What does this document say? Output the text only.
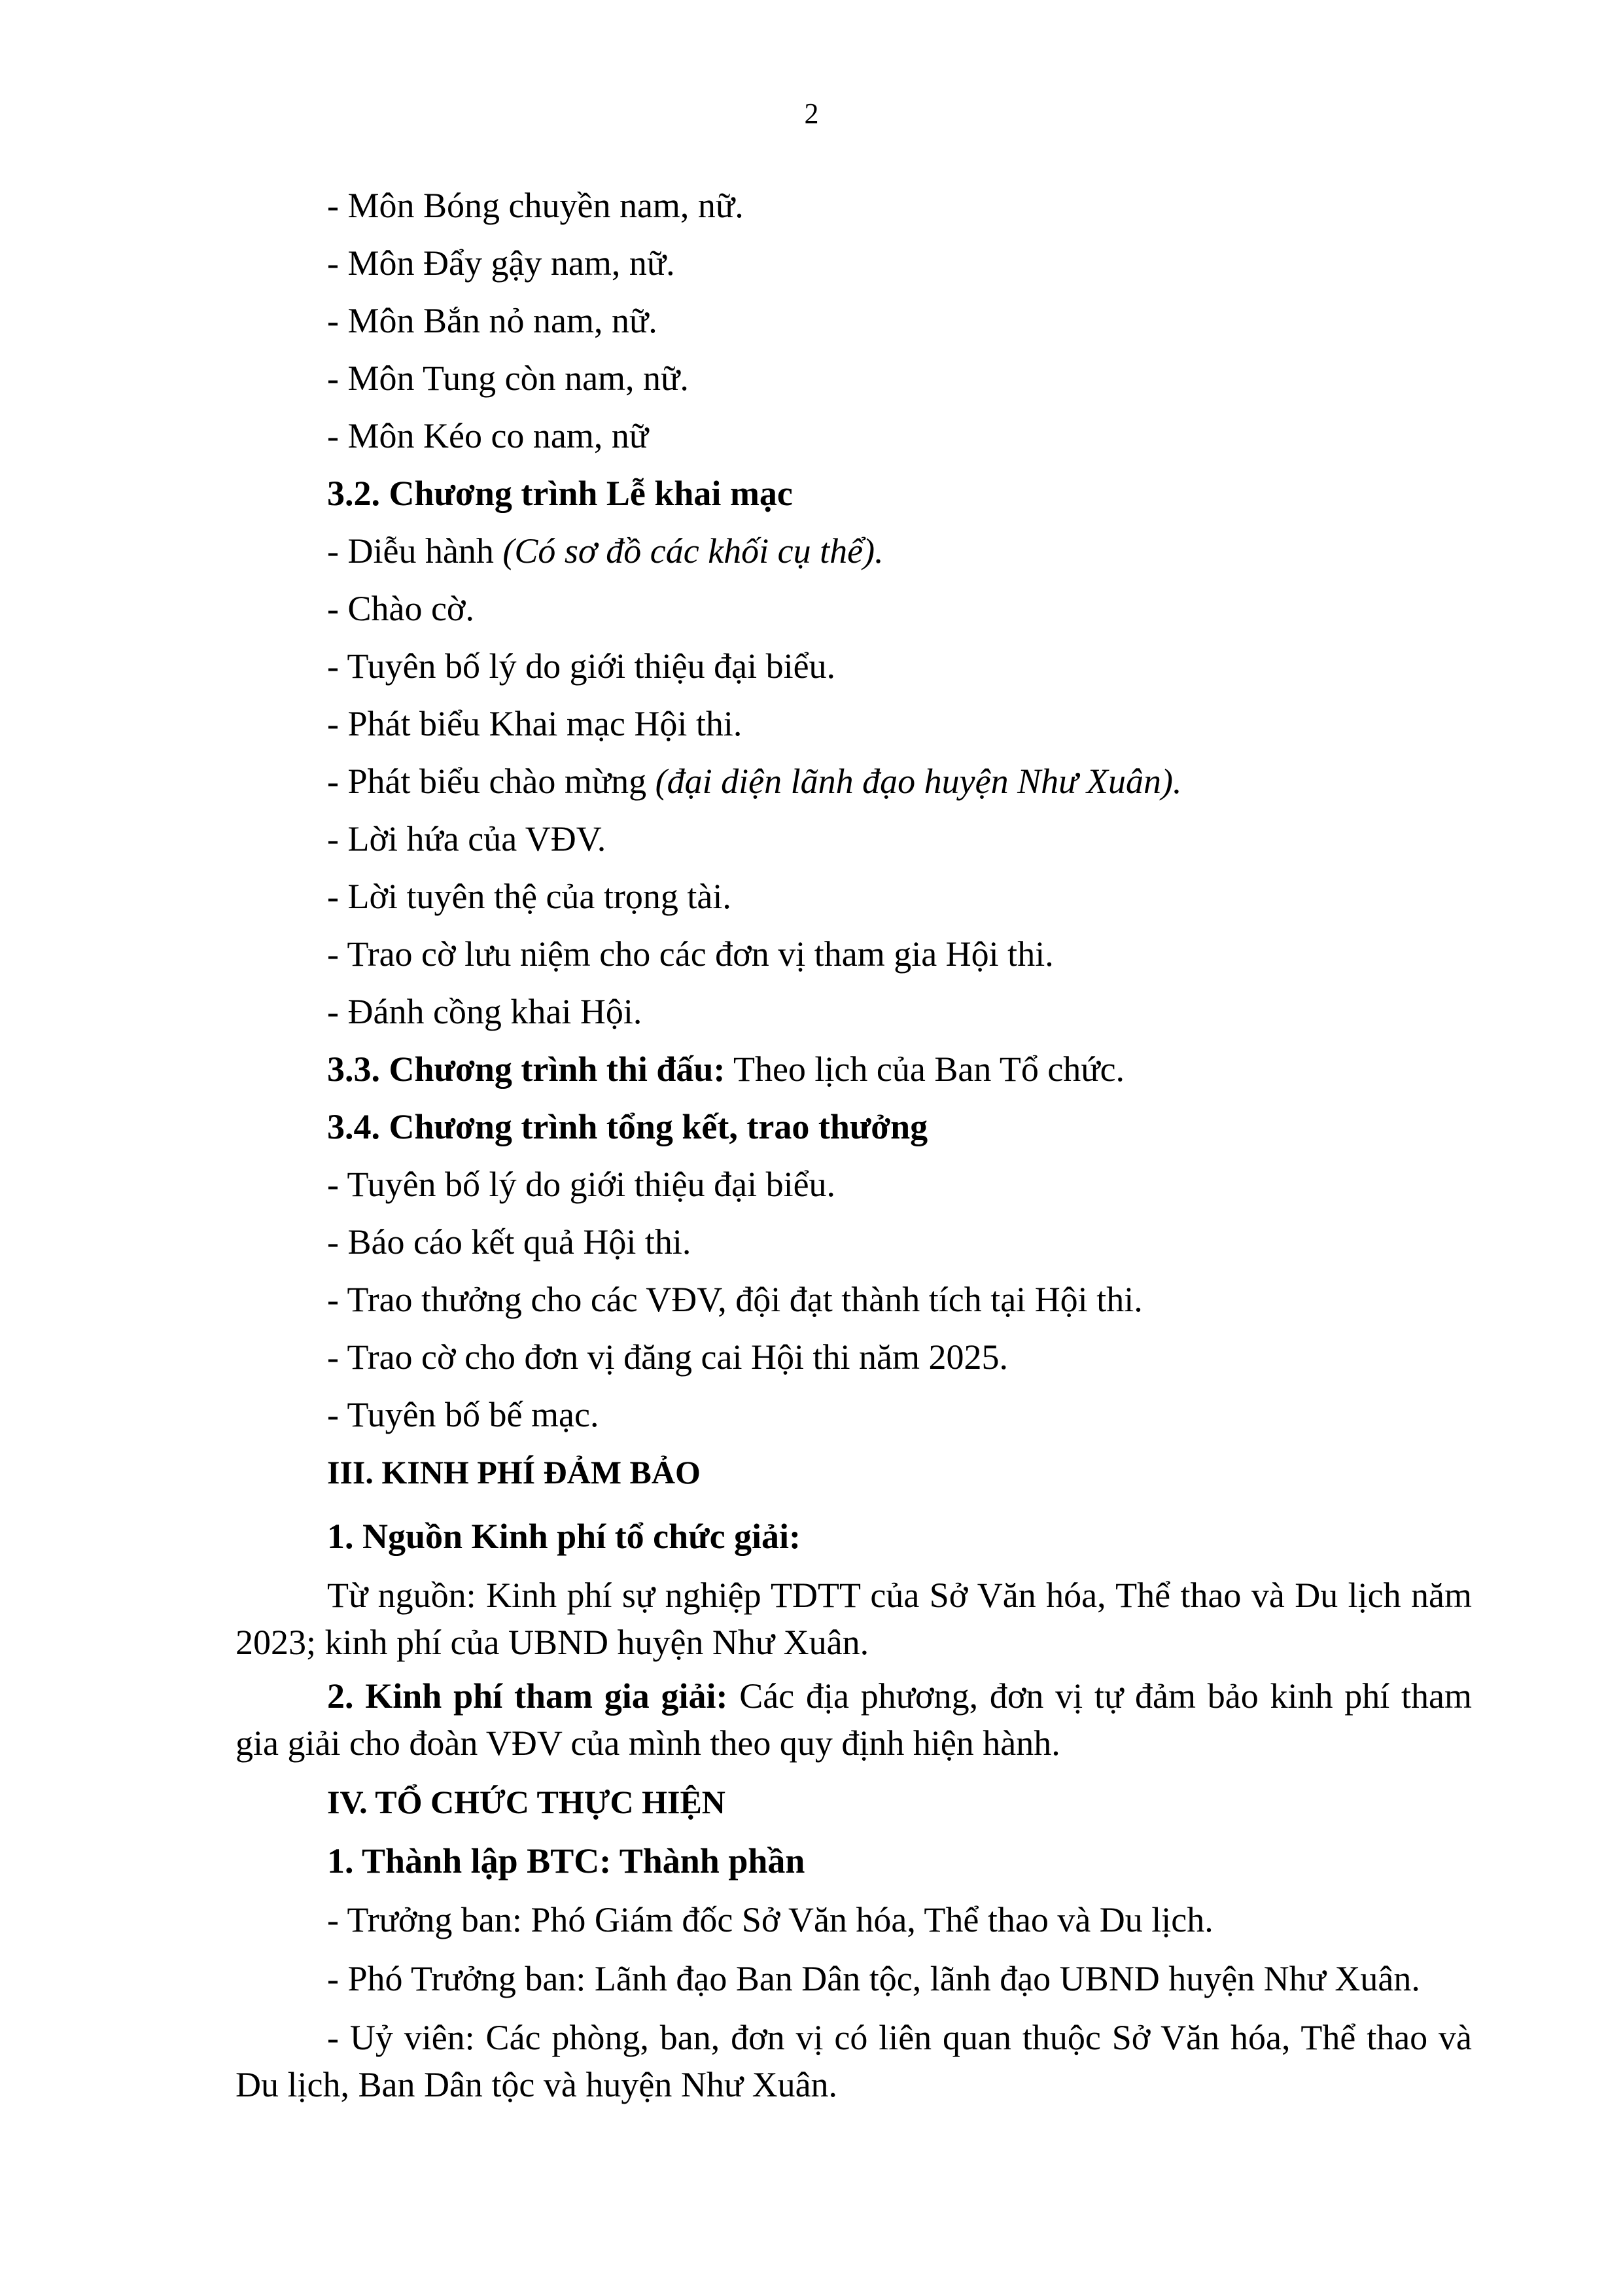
2
- Môn Bóng chuyền nam, nữ.
- Môn Đẩy gậy nam, nữ.
- Môn Bắn nỏ nam, nữ.
- Môn Tung còn nam, nữ.
- Môn Kéo co nam, nữ
3.2. Chương trình Lễ khai mạc
- Diễu hành (Có sơ đồ các khối cụ thể).
- Chào cờ.
- Tuyên bố lý do giới thiệu đại biểu.
- Phát biểu Khai mạc Hội thi.
- Phát biểu chào mừng (đại diện lãnh đạo huyện Như Xuân).
- Lời hứa của VĐV.
- Lời tuyên thệ của trọng tài.
- Trao cờ lưu niệm cho các đơn vị tham gia Hội thi.
- Đánh cồng khai Hội.
3.3. Chương trình thi đấu: Theo lịch của Ban Tổ chức.
3.4. Chương trình tổng kết, trao thưởng
- Tuyên bố lý do giới thiệu đại biểu.
- Báo cáo kết quả Hội thi.
- Trao thưởng cho các VĐV, đội đạt thành tích tại Hội thi.
- Trao cờ cho đơn vị đăng cai Hội thi năm 2025.
- Tuyên bố bế mạc.
III. KINH PHÍ ĐẢM BẢO
1. Nguồn Kinh phí tổ chức giải:
Từ nguồn: Kinh phí sự nghiệp TDTT của Sở Văn hóa, Thể thao và Du lịch năm 2023; kinh phí của UBND huyện Như Xuân.
2. Kinh phí tham gia giải: Các địa phương, đơn vị tự đảm bảo kinh phí tham gia giải cho đoàn VĐV của mình theo quy định hiện hành.
IV. TỔ CHỨC THỰC HIỆN
1. Thành lập BTC: Thành phần
- Trưởng ban: Phó Giám đốc Sở Văn hóa, Thể thao và Du lịch.
- Phó Trưởng ban: Lãnh đạo Ban Dân tộc, lãnh đạo UBND huyện Như Xuân.
- Uỷ viên: Các phòng, ban, đơn vị có liên quan thuộc Sở Văn hóa, Thể thao và Du lịch, Ban Dân tộc và huyện Như Xuân.
